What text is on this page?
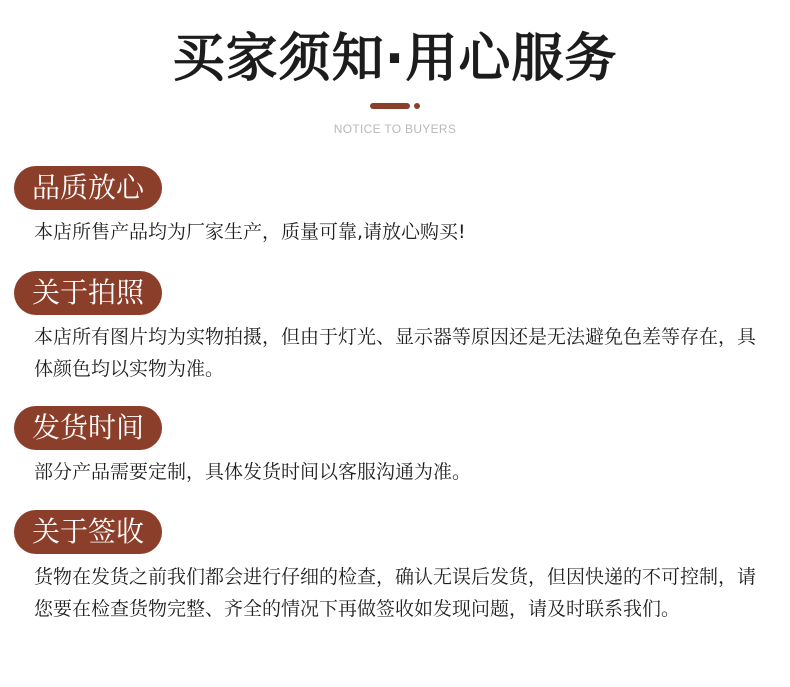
买家须知·用心服务
NOTICE TO BUYERS
品质放心
本店所售产品均为厂家生产，质量可靠,请放心购买!
关于拍照
本店所有图片均为实物拍摄，但由于灯光、显示器等原因还是无法避免色差等存在，具体颜色均以实物为准。
发货时间
部分产品需要定制，具体发货时间以客服沟通为准。
关于签收
货物在发货之前我们都会进行仔细的检查，确认无误后发货，但因快递的不可控制，请您要在检查货物完整、齐全的情况下再做签收如发现问题，请及时联系我们。
